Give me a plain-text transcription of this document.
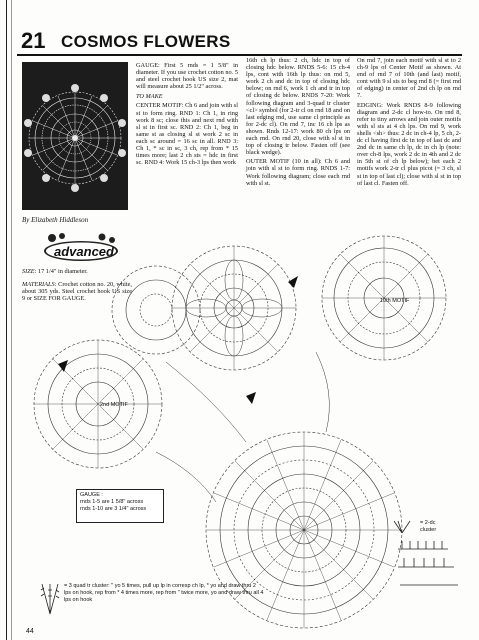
21 COSMOS FLOWERS
By Elizabeth Hiddleson
advanced
SIZE: 17 1/4" in diameter.
MATERIALS: Crochet cotton no. 20, white, about 305 yds. Steel crochet hook US size 9 or SIZE FOR GAUGE.

GAUGE: First 5 rnds = 1 5/8" in diameter. If you use crochet cotton no. 5 and steel crochet hook US size 2, mat will measure about 25 1/2" across.

TO MAKE

CENTER MOTIF: Ch 6 and join with sl st to form ring. RND 1: Ch 1, in ring work 8 sc; close this and next rnd with sl st in first sc. RND 2: Ch 1, beg in same st as closing sl st work 2 sc in each sc around = 16 sc in all. RND 3: Ch 1, * sc in sc, 3 ch, rep from * 15 times more; last 2 ch sts = hdc in first sc. RND 4: Work 15 ch-3 lps then work

16th ch lp thus: 2 ch, hdc in top of closing hdc below. RNDS 5-6: 15 ch-4 lps, cont with 16th lp thus: on rnd 5, work 2 ch and dc in top of closing hdc below; on rnd 6, work 1 ch and tr in top of closing dc below. RNDS 7-20: Work following diagram and 3-quad tr cluster <cl> symbol (for 2-tr cl on rnd 18 and on last edging rnd, use same cl principle as for 2-dc cl). On rnd 7, inc 16 ch lps as shown. Rnds 12-17: work 80 ch lps on each rnd. On rnd 20, close with sl st in top of closing tr below. Fasten off (see black wedge).

OUTER MOTIF (10 in all): Ch 6 and join with sl st to form ring. RNDS 1-7: Work following diagram; close each rnd with sl st.

On rnd 7, join each motif with sl st to 2 ch-9 lps of Center Motif as shown. At end of rnd 7 of 10th (and last) motif, cont with 9 sl sts to beg rnd 8 (= first rnd of edging) in center of 2nd ch lp on rnd 7.

EDGING: Work RNDS 8-9 following diagram and 2-dc cl how-to. On rnd 8, refer to tiny arrows and join outer motifs with sl sts at 4 ch lps. On rnd 9, work shells <sh> thus: 2 dc in ch-4 lp, 5 ch, 2-dc cl having first dc in top of last dc and 2nd dc in same ch lp, dc in ch lp (note: over ch-8 lps, work 2 dc in 4th and 2 dc in 5th st of ch lp below); bet each 2 motifs work 2-tr cl plus picot (= 3 ch, sl st in top of last cl); close with sl st in top of last cl. Fasten off.

10th MOTIF
2nd MOTIF
GAUGE :
rnds 1-5 are 1 5/8" across
rnds 1-10 are 3 1/4" across
= 2-dc
cluster
= 3 quad tr cluster: " yo 5 times, pull up lp in corresp ch lp, * yo and draw thru 2 lps on hook, rep from * 4 times more, rep from " twice more, yo and draw thru all 4 lps on hook
44
